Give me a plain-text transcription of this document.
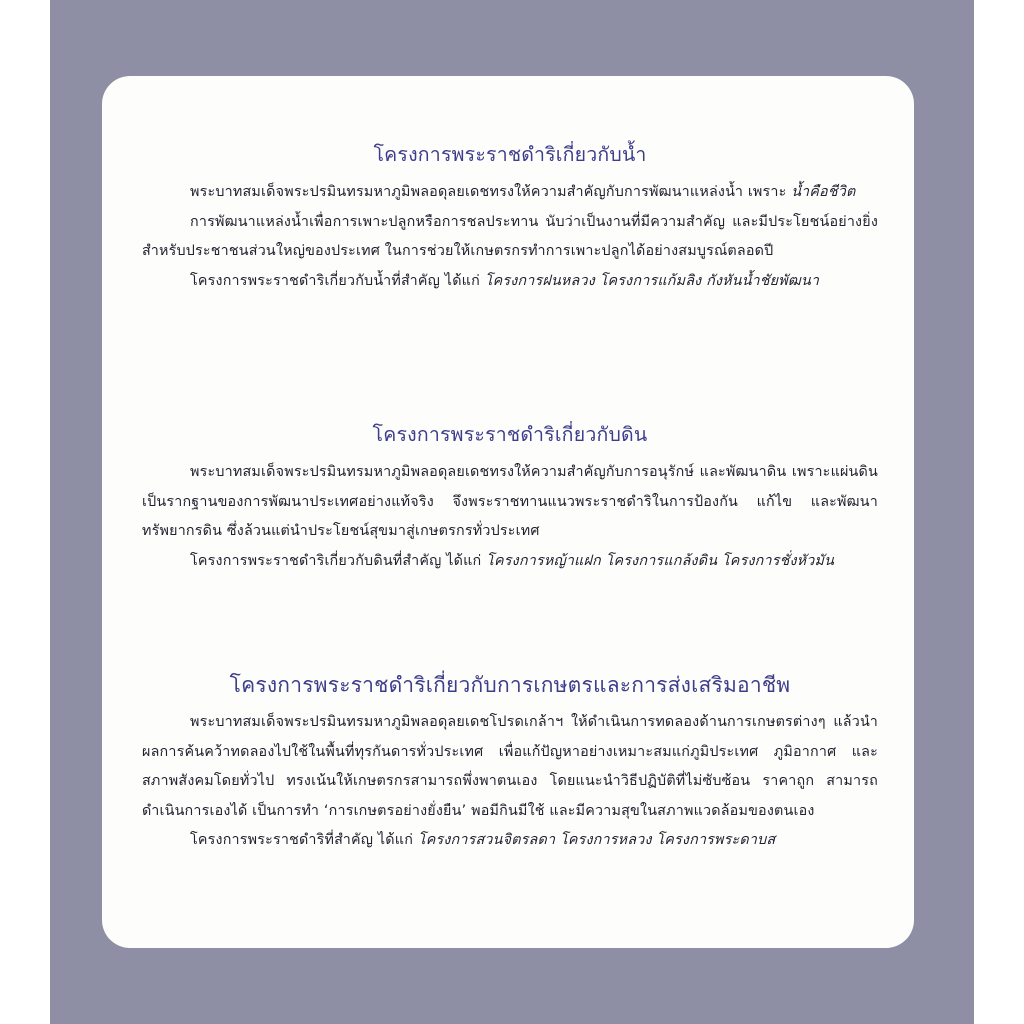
โครงการพระราชดำริเกี่ยวกับน้ำ

พระบาทสมเด็จพระปรมินทรมหาภูมิพลอดุลยเดชทรงให้ความสำคัญกับการพัฒนาแหล่งน้ำ เพราะ น้ำคือชีวิต

การพัฒนาแหล่งน้ำเพื่อการเพาะปลูกหรือการชลประทาน นับว่าเป็นงานที่มีความสำคัญ และมีประโยชน์อย่างยิ่งสำหรับประชาชนส่วนใหญ่ของประเทศ ในการช่วยให้เกษตรกรทำการเพาะปลูกได้อย่างสมบูรณ์ตลอดปี

โครงการพระราชดำริเกี่ยวกับน้ำที่สำคัญ ได้แก่ โครงการฝนหลวง โครงการแก้มลิง กังหันน้ำชัยพัฒนา

โครงการพระราชดำริเกี่ยวกับดิน

พระบาทสมเด็จพระปรมินทรมหาภูมิพลอดุลยเดชทรงให้ความสำคัญกับการอนุรักษ์ และพัฒนาดิน เพราะแผ่นดินเป็นรากฐานของการพัฒนาประเทศอย่างแท้จริง จึงพระราชทานแนวพระราชดำริในการป้องกัน แก้ไข และพัฒนาทรัพยากรดิน ซึ่งล้วนแต่นำประโยชน์สุขมาสู่เกษตรกรทั่วประเทศ

โครงการพระราชดำริเกี่ยวกับดินที่สำคัญ ได้แก่ โครงการหญ้าแฝก โครงการแกล้งดิน โครงการชั่งหัวมัน

โครงการพระราชดำริเกี่ยวกับการเกษตรและการส่งเสริมอาชีพ

พระบาทสมเด็จพระปรมินทรมหาภูมิพลอดุลยเดชโปรดเกล้าฯ ให้ดำเนินการทดลองด้านการเกษตรต่างๆ แล้วนำผลการค้นคว้าทดลองไปใช้ในพื้นที่ทุรกันดารทั่วประเทศ เพื่อแก้ปัญหาอย่างเหมาะสมแก่ภูมิประเทศ ภูมิอากาศ และสภาพสังคมโดยทั่วไป ทรงเน้นให้เกษตรกรสามารถพึ่งพาตนเอง โดยแนะนำวิธีปฏิบัติที่ไม่ซับซ้อน ราคาถูก สามารถดำเนินการเองได้ เป็นการทำ ‘การเกษตรอย่างยั่งยืน’ พอมีกินมีใช้ และมีความสุขในสภาพแวดล้อมของตนเอง

โครงการพระราชดำริที่สำคัญ ได้แก่ โครงการสวนจิตรลดา โครงการหลวง โครงการพระดาบส
